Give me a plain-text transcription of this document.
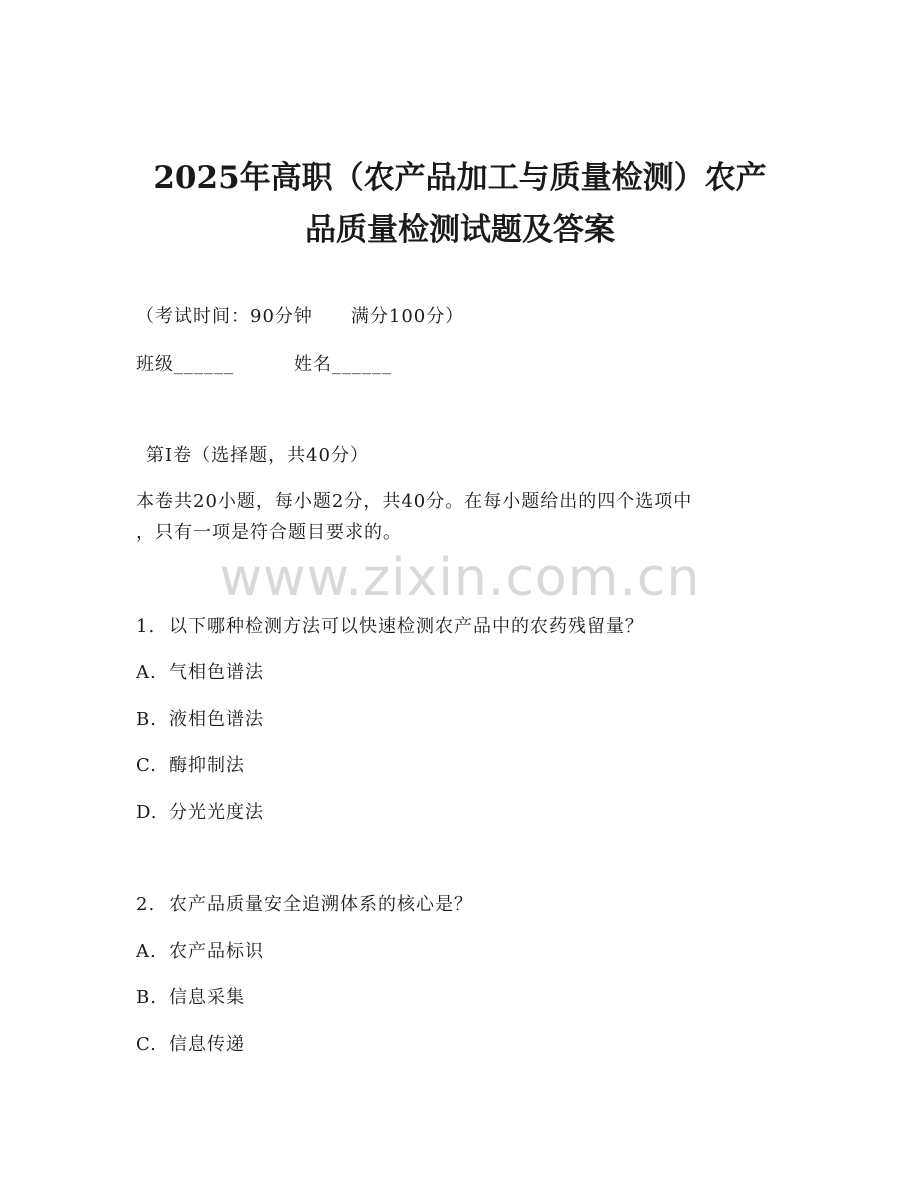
2025年高职（农产品加工与质量检测）农产
品质量检测试题及答案
（考试时间：90分钟　　满分100分）
班级______	姓名______
第Ⅰ卷（选择题，共40分）
本卷共20小题，每小题2分，共40分。在每小题给出的四个选项中
，只有一项是符合题目要求的。
www.zixin.com.cn
1. 以下哪种检测方法可以快速检测农产品中的农药残留量？
A. 气相色谱法
B. 液相色谱法
C. 酶抑制法
D. 分光光度法
2. 农产品质量安全追溯体系的核心是？
A. 农产品标识
B. 信息采集
C. 信息传递
